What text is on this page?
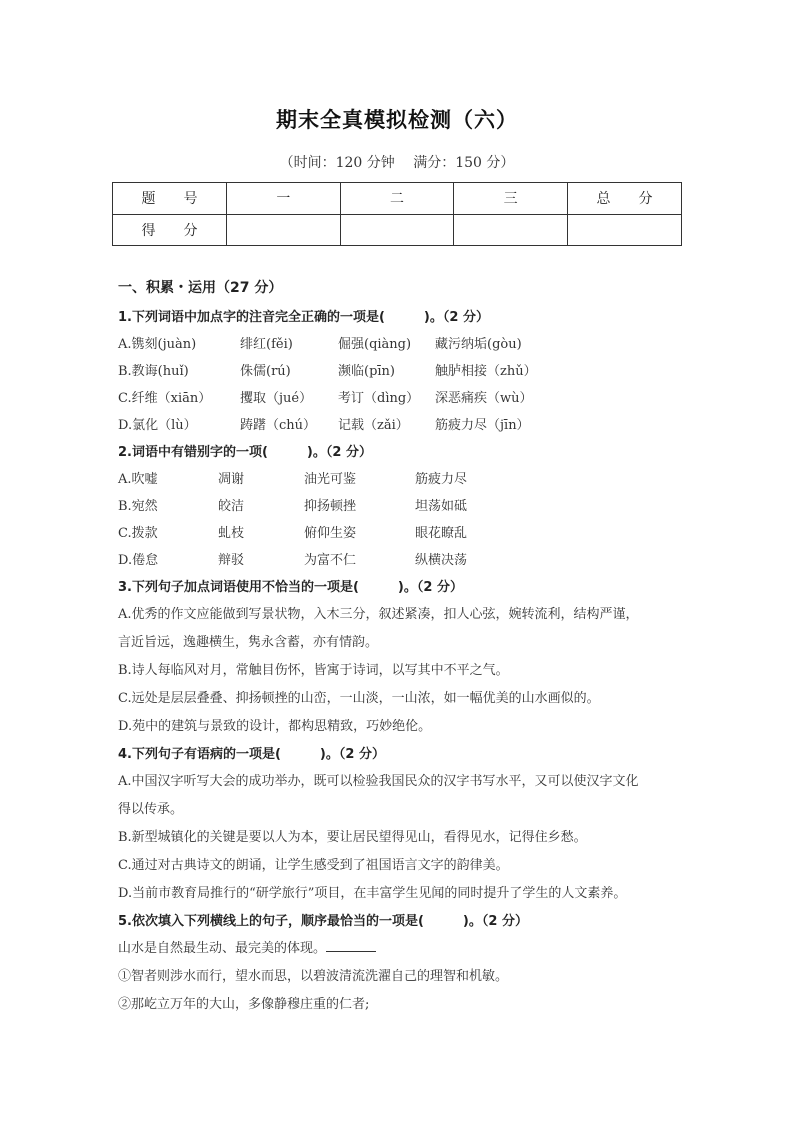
期末全真模拟检测（六）
（时间：120 分钟　 满分：150 分）
题　　号	一	二	三	总　　分
得　　分				
一、积累・运用（27 分）
1.下列词语中加点字的注音完全正确的一项是(　　　)。（2 分）
A.镌刻(juàn)	绯红(fěi)	倔强(qiàng)	藏污纳垢(gòu)
B.教诲(huǐ)	侏儒(rú)	濒临(pīn)	触胪相接（zhǔ）
C.纤维（xiān）	攫取（jué）	考订（dìng）	深恶痛疾（wù）
D.氯化（lù）	踌躇（chú）	记载（zǎi）	筋疲力尽（jīn）
2.词语中有错别字的一项(　　　)。（2 分）
A.吹嘘	凋谢	油光可鉴	筋疲力尽
B.宛然	皎洁	抑扬顿挫	坦荡如砥
C.拨款	虬枝	俯仰生姿	眼花瞭乱
D.倦怠	辩驳	为富不仁	纵横决荡
3.下列句子加点词语使用不恰当的一项是(　　　)。（2 分）
A.优秀的作文应能做到写景状物，入木三分，叙述紧凑，扣人心弦，婉转流利，结构严谨，
言近旨远，逸趣横生，隽永含蓄，亦有情韵。
B.诗人每临风对月，常触目伤怀，皆寓于诗词，以写其中不平之气。
C.远处是层层叠叠、抑扬顿挫的山峦，一山淡，一山浓，如一幅优美的山水画似的。
D.苑中的建筑与景致的设计，都构思精致，巧妙绝伦。
4.下列句子有语病的一项是(　　　)。（2 分）
A.中国汉字听写大会的成功举办，既可以检验我国民众的汉字书写水平，又可以使汉字文化
得以传承。
B.新型城镇化的关键是要以人为本，要让居民望得见山，看得见水，记得住乡愁。
C.通过对古典诗文的朗诵，让学生感受到了祖国语言文字的韵律美。
D.当前市教育局推行的“研学旅行”项目，在丰富学生见闻的同时提升了学生的人文素养。
5.依次填入下列横线上的句子，顺序最恰当的一项是(　　　)。（2 分）
山水是自然最生动、最完美的体现。
①智者则涉水而行，望水而思，以碧波清流洗濯自己的理智和机敏。
②那屹立万年的大山，多像静穆庄重的仁者;
